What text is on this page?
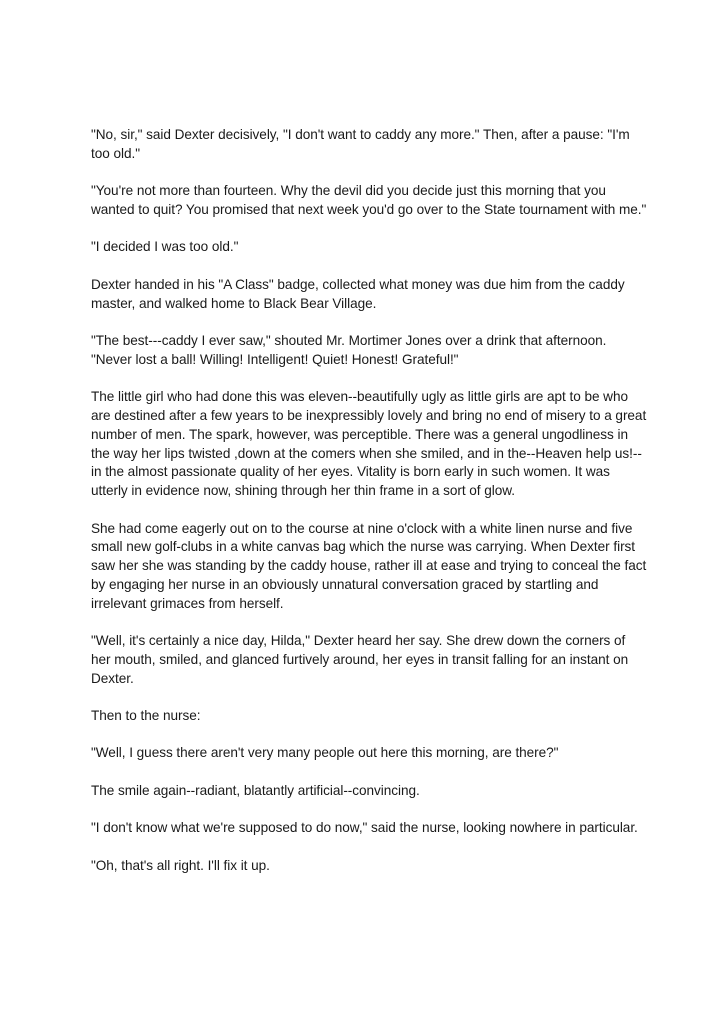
"No, sir," said Dexter decisively, "I don't want to caddy any more." Then, after a pause: "I'm too old."

"You're not more than fourteen. Why the devil did you decide just this morning that you wanted to quit? You promised that next week you'd go over to the State tournament with me."

"I decided I was too old."

Dexter handed in his "A Class" badge, collected what money was due him from the caddy master, and walked home to Black Bear Village.

"The best---caddy I ever saw," shouted Mr. Mortimer Jones over a drink that afternoon. "Never lost a ball! Willing! Intelligent! Quiet! Honest! Grateful!"

The little girl who had done this was eleven--beautifully ugly as little girls are apt to be who are destined after a few years to be inexpressibly lovely and bring no end of misery to a great number of men. The spark, however, was perceptible. There was a general ungodliness in the way her lips twisted ,down at the comers when she smiled, and in the--Heaven help us!--in the almost passionate quality of her eyes. Vitality is born early in such women. It was utterly in evidence now, shining through her thin frame in a sort of glow.

She had come eagerly out on to the course at nine o'clock with a white linen nurse and five small new golf-clubs in a white canvas bag which the nurse was carrying. When Dexter first saw her she was standing by the caddy house, rather ill at ease and trying to conceal the fact by engaging her nurse in an obviously unnatural conversation graced by startling and irrelevant grimaces from herself.

"Well, it's certainly a nice day, Hilda," Dexter heard her say. She drew down the corners of her mouth, smiled, and glanced furtively around, her eyes in transit falling for an instant on Dexter.

Then to the nurse:

"Well, I guess there aren't very many people out here this morning, are there?"

The smile again--radiant, blatantly artificial--convincing.

"I don't know what we're supposed to do now," said the nurse, looking nowhere in particular.

"Oh, that's all right. I'll fix it up.
